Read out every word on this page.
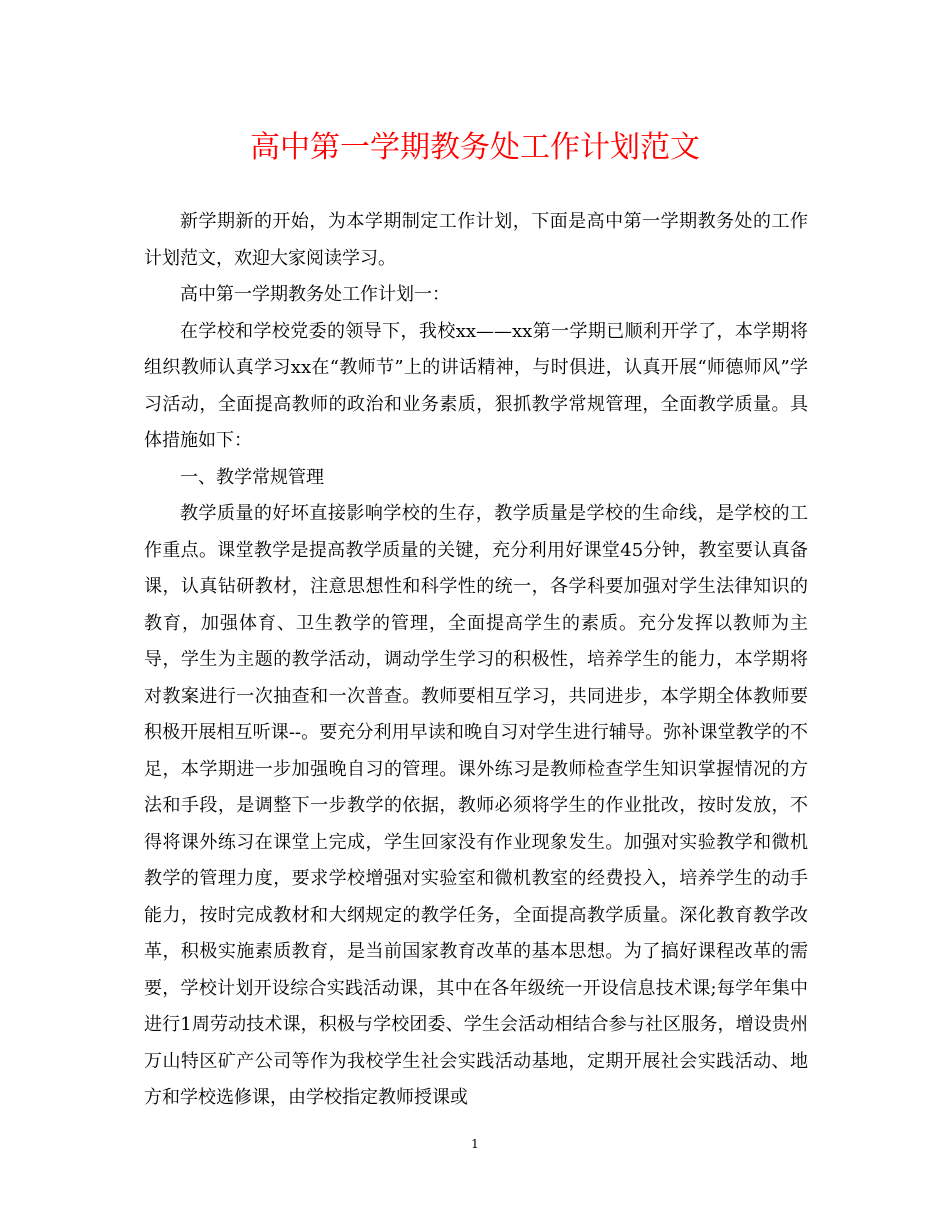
高中第一学期教务处工作计划范文

新学期新的开始，为本学期制定工作计划，下面是高中第一学期教务处的工作计划范文，欢迎大家阅读学习。

高中第一学期教务处工作计划一：

在学校和学校党委的领导下，我校xx——xx第一学期已顺利开学了，本学期将组织教师认真学习xx在“教师节”上的讲话精神，与时俱进，认真开展“师德师风”学习活动，全面提高教师的政治和业务素质，狠抓教学常规管理，全面教学质量。具体措施如下：

一、教学常规管理

教学质量的好坏直接影响学校的生存，教学质量是学校的生命线，是学校的工作重点。课堂教学是提高教学质量的关键，充分利用好课堂45分钟，教室要认真备课，认真钻研教材，注意思想性和科学性的统一，各学科要加强对学生法律知识的教育，加强体育、卫生教学的管理，全面提高学生的素质。充分发挥以教师为主导，学生为主题的教学活动，调动学生学习的积极性，培养学生的能力，本学期将对教案进行一次抽查和一次普查。教师要相互学习，共同进步，本学期全体教师要积极开展相互听课--。要充分利用早读和晚自习对学生进行辅导。弥补课堂教学的不足，本学期进一步加强晚自习的管理。课外练习是教师检查学生知识掌握情况的方法和手段，是调整下一步教学的依据，教师必须将学生的作业批改，按时发放，不得将课外练习在课堂上完成，学生回家没有作业现象发生。加强对实验教学和微机教学的管理力度，要求学校增强对实验室和微机教室的经费投入，培养学生的动手能力，按时完成教材和大纲规定的教学任务，全面提高教学质量。深化教育教学改革，积极实施素质教育，是当前国家教育改革的基本思想。为了搞好课程改革的需要，学校计划开设综合实践活动课，其中在各年级统一开设信息技术课;每学年集中进行1周劳动技术课，积极与学校团委、学生会活动相结合参与社区服务，增设贵州万山特区矿产公司等作为我校学生社会实践活动基地，定期开展社会实践活动、地方和学校选修课，由学校指定教师授课或

1
